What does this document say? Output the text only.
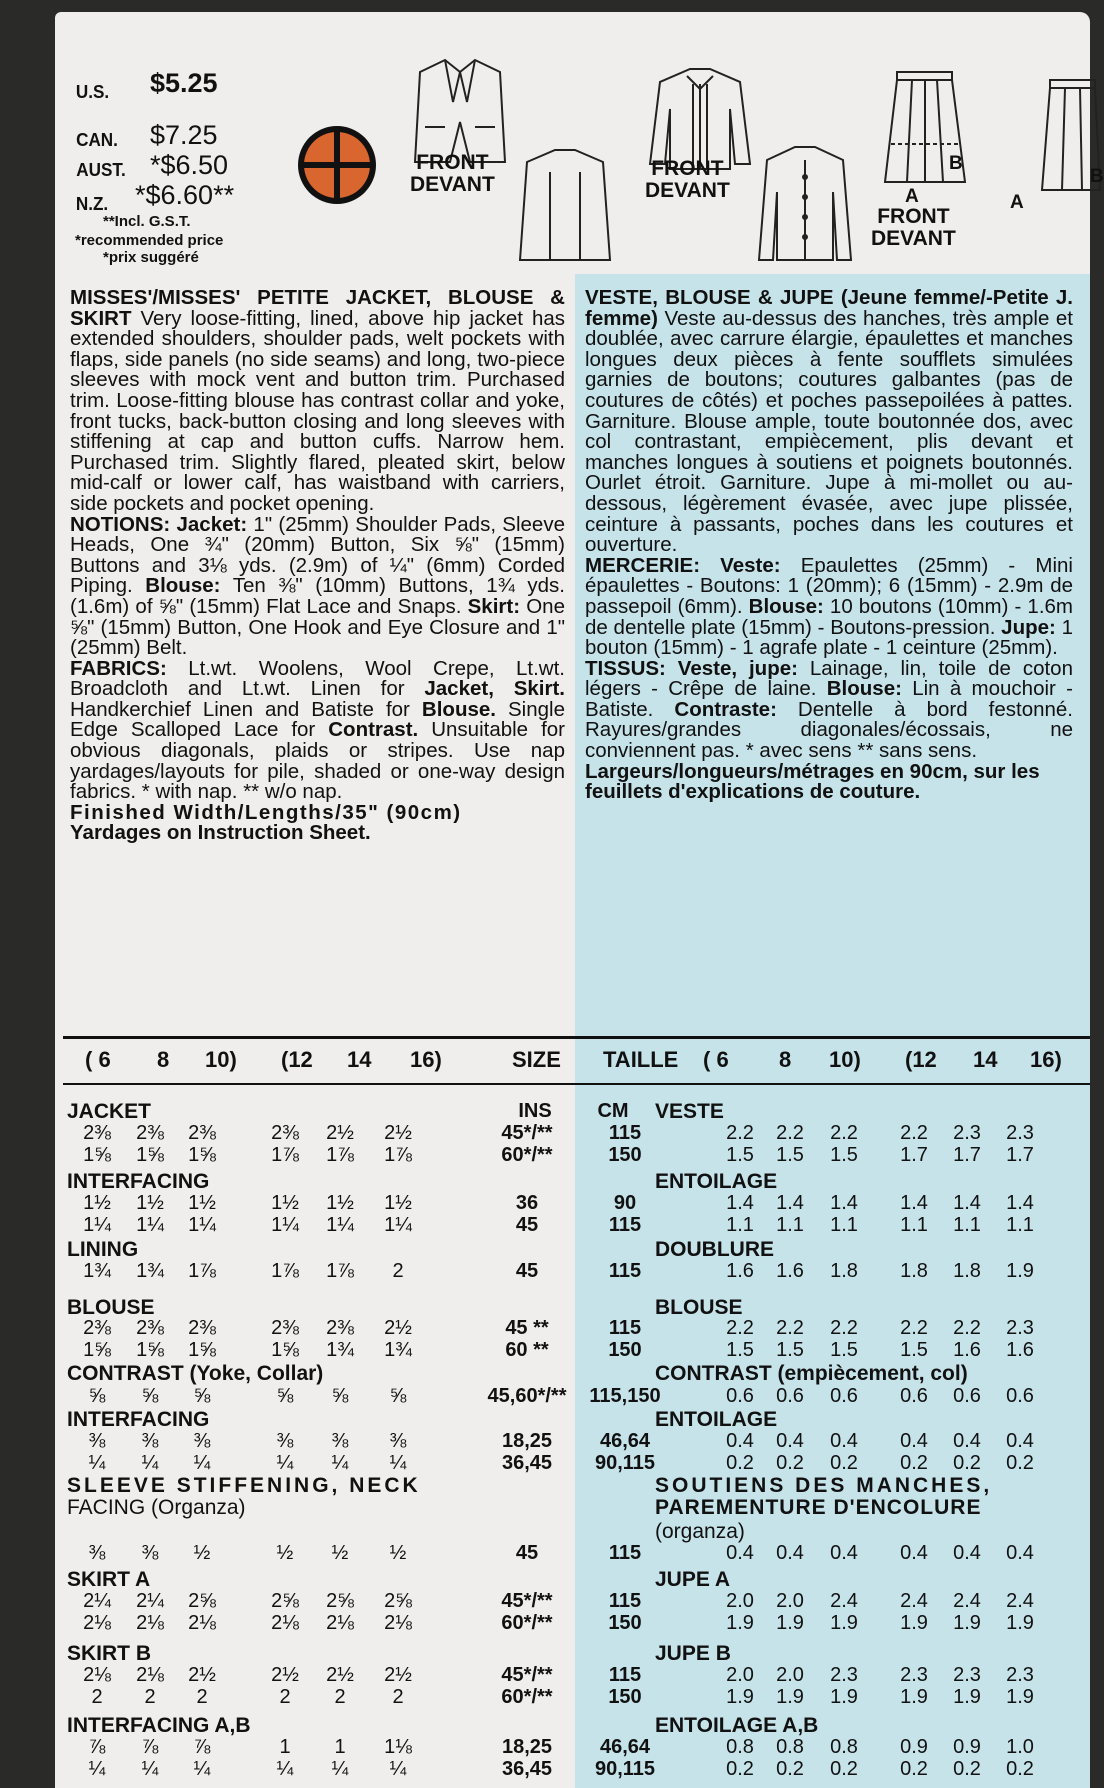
U.S. $5.25
CAN. $7.25
AUST. *$6.50
N.Z. *$6.60**
**Incl. G.S.T.
*recommended price
*prix suggéré
FRONT
DEVANT
FRONT
DEVANT
B
B
A	A
FRONT
DEVANT

MISSES'/MISSES' PETITE JACKET, BLOUSE & SKIRT Very loose-fitting, lined, above hip jacket has extended shoulders, shoulder pads, welt pockets with flaps, side panels (no side seams) and long, two-piece sleeves with mock vent and button trim. Purchased trim. Loose-fitting blouse has contrast collar and yoke, front tucks, back-button closing and long sleeves with stiffening at cap and button cuffs. Narrow hem. Purchased trim. Slightly flared, pleated skirt, below mid-calf or lower calf, has waistband with carriers, side pockets and pocket opening.

NOTIONS: Jacket: 1" (25mm) Shoulder Pads, Sleeve Heads, One ¾" (20mm) Button, Six ⅝" (15mm) Buttons and 3⅛ yds. (2.9m) of ¼" (6mm) Corded Piping. Blouse: Ten ⅜" (10mm) Buttons, 1¾ yds. (1.6m) of ⅝" (15mm) Flat Lace and Snaps. Skirt: One ⅝" (15mm) Button, One Hook and Eye Closure and 1" (25mm) Belt.

FABRICS: Lt.wt. Woolens, Wool Crepe, Lt.wt. Broadcloth and Lt.wt. Linen for Jacket, Skirt. Handkerchief Linen and Batiste for Blouse. Single Edge Scalloped Lace for Contrast. Unsuitable for obvious diagonals, plaids or stripes. Use nap yardages/layouts for pile, shaded or one-way design fabrics. * with nap. ** w/o nap.

Finished Width/Lengths/35" (90cm)

Yardages on Instruction Sheet.

VESTE, BLOUSE & JUPE (Jeune femme/-Petite J. femme) Veste au-dessus des hanches, très ample et doublée, avec carrure élargie, épaulettes et manches longues deux pièces à fente soufflets simulées garnies de boutons; coutures galbantes (pas de coutures de côtés) et poches passepoilées à pattes. Garniture. Blouse ample, toute boutonnée dos, avec col contrastant, empiècement, plis devant et manches longues à soutiens et poignets boutonnés. Ourlet étroit. Garniture. Jupe à mi-mollet ou au-dessous, légèrement évasée, avec jupe plissée, ceinture à passants, poches dans les coutures et ouverture.

MERCERIE: Veste: Epaulettes (25mm) - Mini épaulettes - Boutons: 1 (20mm); 6 (15mm) - 2.9m de passepoil (6mm). Blouse: 10 boutons (10mm) - 1.6m de dentelle plate (15mm) - Boutons-pression. Jupe: 1 bouton (15mm) - 1 agrafe plate - 1 ceinture (25mm).

TISSUS: Veste, jupe: Lainage, lin, toile de coton légers - Crêpe de laine. Blouse: Lin à mouchoir - Batiste. Contraste: Dentelle à bord festonné. Rayures/grandes diagonales/écossais, ne conviennent pas. * avec sens ** sans sens.

Largeurs/longueurs/métrages en 90cm, sur les feuillets d'explications de couture.

( 6 8 10) (12 14 16)	SIZE TAILLE ( 6 8 10) (12 14 16)
JACKET	VESTE
INS CM
2⅜ 2⅜ 2⅜	2⅜ 2½ 2½	45*/**	115	2.2 2.2 2.2 2.2 2.3 2.3
1⅝ 1⅝ 1⅝	1⅞ 1⅞ 1⅞	60*/**	150	1.5 1.5 1.5 1.7 1.7 1.7
INTERFACING	ENTOILAGE
1½ 1½ 1½	1½ 1½ 1½	36	90	1.4 1.4 1.4 1.4 1.4 1.4
1¼ 1¼ 1¼	1¼ 1¼ 1¼	45	115	1.1 1.1 1.1 1.1 1.1 1.1
LINING	DOUBLURE
1¾ 1¾ 1⅞	1⅞ 1⅞ 2	45	115	1.6 1.6 1.8 1.8 1.8 1.9
BLOUSE	BLOUSE
2⅜ 2⅜ 2⅜	2⅜ 2⅜ 2½	45 **	115	2.2 2.2 2.2 2.2 2.2 2.3
1⅝ 1⅝ 1⅝	1⅝ 1¾ 1¾	60 **	150	1.5 1.5 1.5 1.5 1.6 1.6
CONTRAST (Yoke, Collar)	CONTRAST (empiècement, col)
⅝ ⅝ ⅝	⅝ ⅝ ⅝	45,60*/** 115,150	0.6 0.6 0.6 0.6 0.6 0.6
INTERFACING	ENTOILAGE
⅜ ⅜ ⅜	⅜ ⅜ ⅜	18,25 46,64	0.4 0.4 0.4 0.4 0.4 0.4
¼ ¼ ¼	¼ ¼ ¼	36,45 90,115	0.2 0.2 0.2 0.2 0.2 0.2
SLEEVE STIFFENING, NECK
FACING (Organza)
SOUTIENS DES MANCHES,
PAREMENTURE D'ENCOLURE
(organza)
⅜ ⅜ ½	½ ½ ½	45	115	0.4 0.4 0.4 0.4 0.4 0.4
SKIRT A	JUPE A
2¼ 2¼ 2⅝	2⅝ 2⅝ 2⅝	45*/**	115	2.0 2.0 2.4 2.4 2.4 2.4
2⅛ 2⅛ 2⅛	2⅛ 2⅛ 2⅛	60*/**	150	1.9 1.9 1.9 1.9 1.9 1.9
SKIRT B	JUPE B
2⅛ 2⅛ 2½	2½ 2½ 2½	45*/**	115	2.0 2.0 2.3 2.3 2.3 2.3
2 2 2	2 2 2	60*/**	150	1.9 1.9 1.9 1.9 1.9 1.9
INTERFACING A,B	ENTOILAGE A,B
⅞ ⅞ ⅞	1 1 1⅛	18,25 46,64	0.8 0.8 0.8 0.9 0.9 1.0
¼ ¼ ¼	¼ ¼ ¼	36,45 90,115	0.2 0.2 0.2 0.2 0.2 0.2
